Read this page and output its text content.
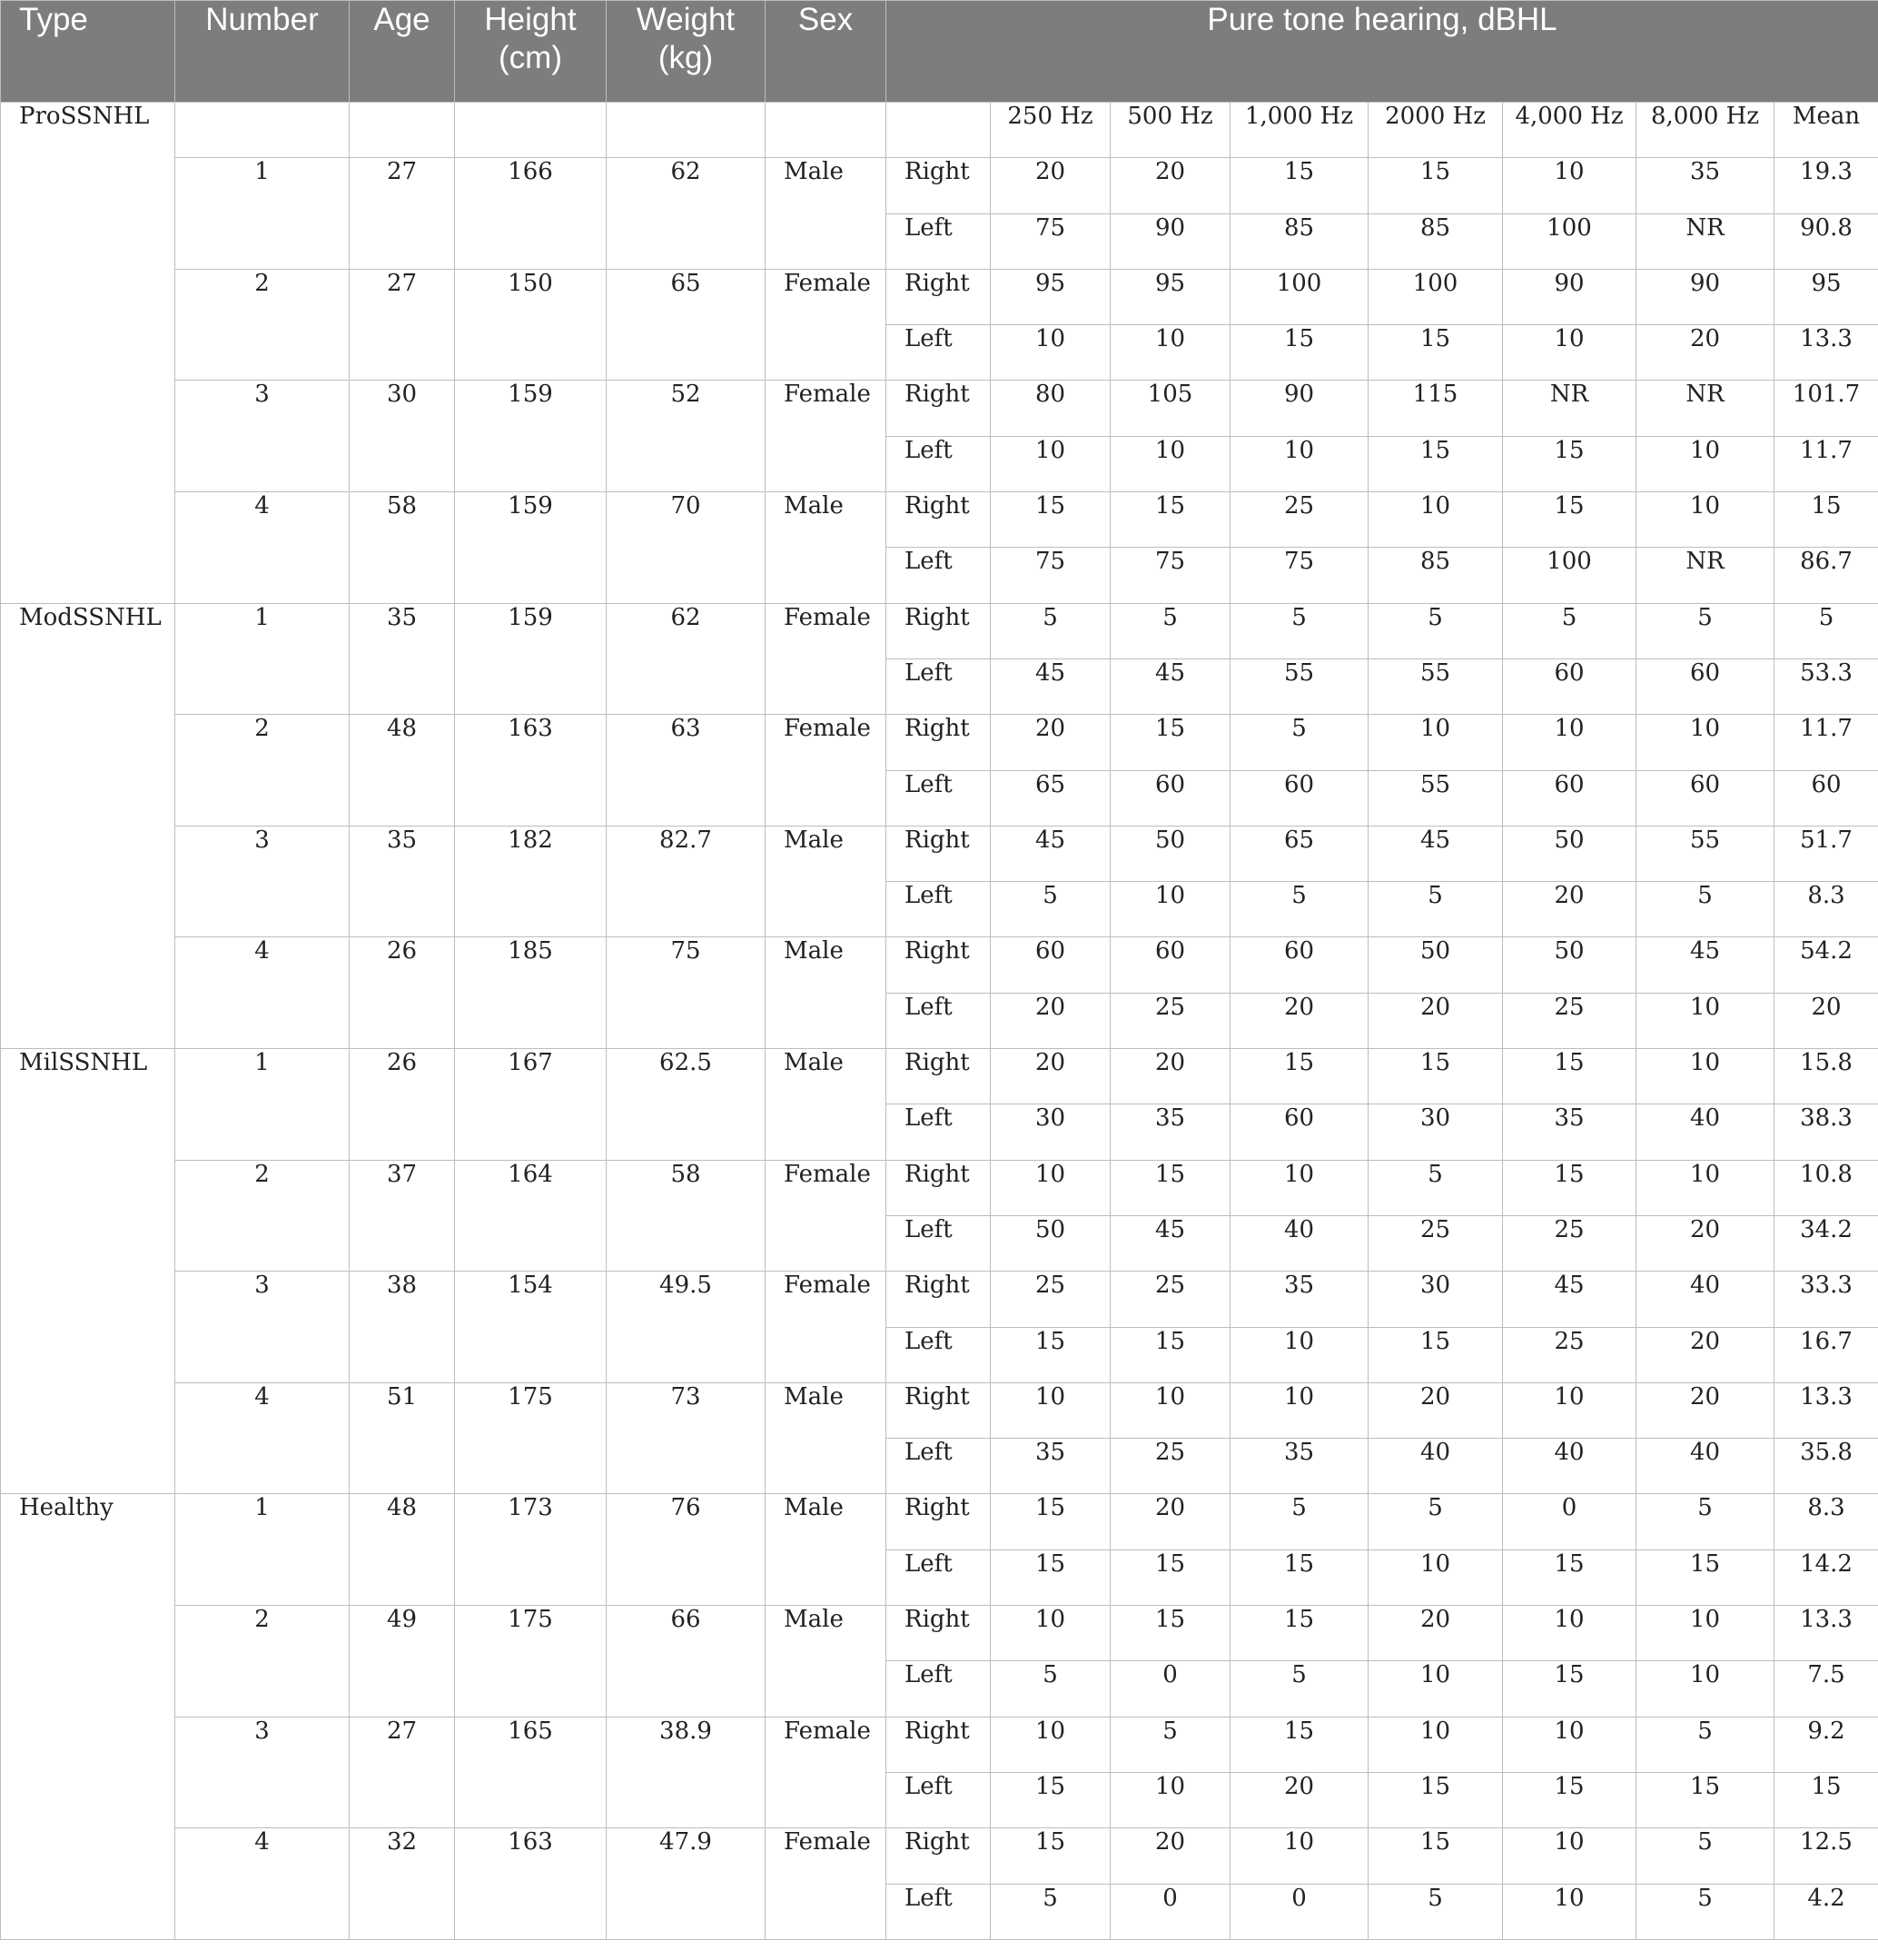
Type	Number	Age	Height (cm)	Weight (kg)	Sex	Pure tone hearing, dBHL							
ProSSNHL							250 Hz	500 Hz	1,000 Hz	2000 Hz	4,000 Hz	8,000 Hz	Mean
	1	27	166	62	Male	Right	20	20	15	15	10	35	19.3
						Left	75	90	85	85	100	NR	90.8
	2	27	150	65	Female	Right	95	95	100	100	90	90	95
						Left	10	10	15	15	10	20	13.3
	3	30	159	52	Female	Right	80	105	90	115	NR	NR	101.7
						Left	10	10	10	15	15	10	11.7
	4	58	159	70	Male	Right	15	15	25	10	15	10	15
						Left	75	75	75	85	100	NR	86.7
ModSSNHL	1	35	159	62	Female	Right	5	5	5	5	5	5	5
						Left	45	45	55	55	60	60	53.3
	2	48	163	63	Female	Right	20	15	5	10	10	10	11.7
						Left	65	60	60	55	60	60	60
	3	35	182	82.7	Male	Right	45	50	65	45	50	55	51.7
						Left	5	10	5	5	20	5	8.3
	4	26	185	75	Male	Right	60	60	60	50	50	45	54.2
						Left	20	25	20	20	25	10	20
MilSSNHL	1	26	167	62.5	Male	Right	20	20	15	15	15	10	15.8
						Left	30	35	60	30	35	40	38.3
	2	37	164	58	Female	Right	10	15	10	5	15	10	10.8
						Left	50	45	40	25	25	20	34.2
	3	38	154	49.5	Female	Right	25	25	35	30	45	40	33.3
						Left	15	15	10	15	25	20	16.7
	4	51	175	73	Male	Right	10	10	10	20	10	20	13.3
						Left	35	25	35	40	40	40	35.8
Healthy	1	48	173	76	Male	Right	15	20	5	5	0	5	8.3
						Left	15	15	15	10	15	15	14.2
	2	49	175	66	Male	Right	10	15	15	20	10	10	13.3
						Left	5	0	5	10	15	10	7.5
	3	27	165	38.9	Female	Right	10	5	15	10	10	5	9.2
						Left	15	10	20	15	15	15	15
	4	32	163	47.9	Female	Right	15	20	10	15	10	5	12.5
						Left	5	0	0	5	10	5	4.2
